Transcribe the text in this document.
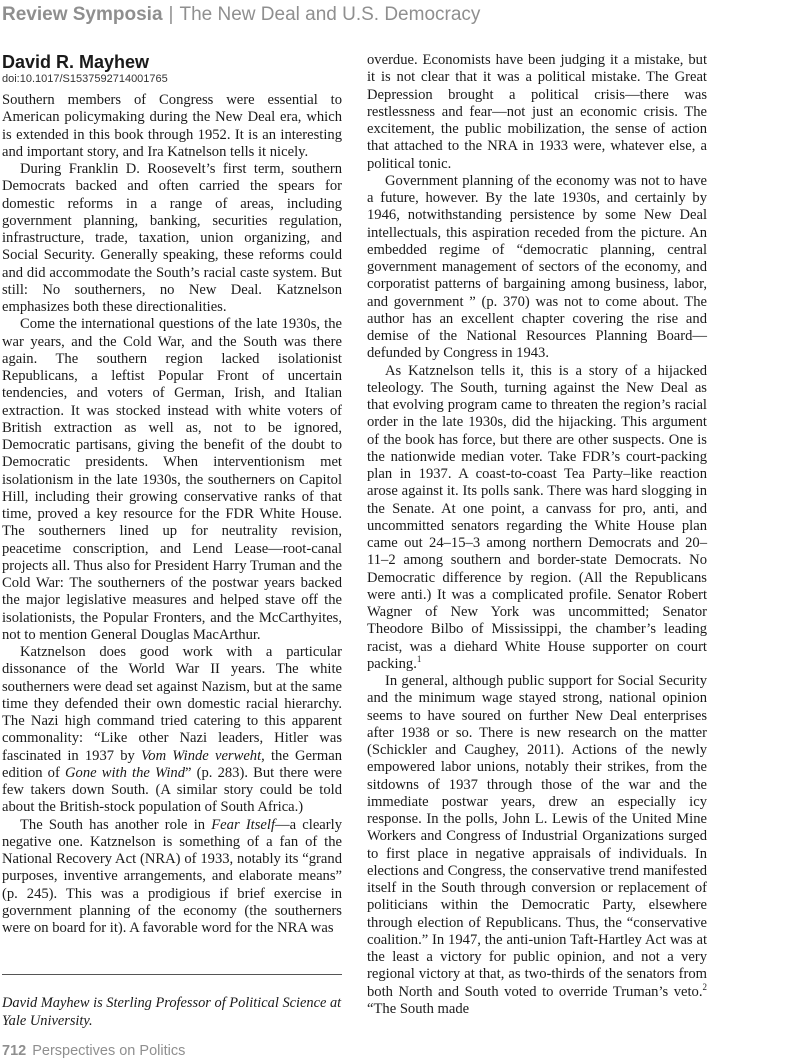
Review Symposia | The New Deal and U.S. Democracy
David R. Mayhew
doi:10.1017/S1537592714001765

Southern members of Congress were essential to American policymaking during the New Deal era, which is extended in this book through 1952. It is an interesting and important story, and Ira Katnelson tells it nicely.

During Franklin D. Roosevelt’s first term, southern Democrats backed and often carried the spears for domestic reforms in a range of areas, including government planning, banking, securities regulation, infrastructure, trade, taxation, union organizing, and Social Security. Generally speaking, these reforms could and did accommodate the South’s racial caste system. But still: No southerners, no New Deal. Katznelson emphasizes both these directionalities.

Come the international questions of the late 1930s, the war years, and the Cold War, and the South was there again. The southern region lacked isolationist Republicans, a leftist Popular Front of uncertain tendencies, and voters of German, Irish, and Italian extraction. It was stocked instead with white voters of British extraction as well as, not to be ignored, Democratic partisans, giving the benefit of the doubt to Democratic presidents. When interventionism met isolationism in the late 1930s, the southerners on Capitol Hill, including their growing conservative ranks of that time, proved a key resource for the FDR White House. The southerners lined up for neutrality revision, peacetime conscription, and Lend Lease—root-canal projects all. Thus also for President Harry Truman and the Cold War: The southerners of the postwar years backed the major legislative measures and helped stave off the isolationists, the Popular Fronters, and the McCarthyites, not to mention General Douglas MacArthur.

Katznelson does good work with a particular dissonance of the World War II years. The white southerners were dead set against Nazism, but at the same time they defended their own domestic racial hierarchy. The Nazi high command tried catering to this apparent commonality: “Like other Nazi leaders, Hitler was fascinated in 1937 by Vom Winde verweht, the German edition of Gone with the Wind” (p. 283). But there were few takers down South. (A similar story could be told about the British-stock population of South Africa.)

The South has another role in Fear Itself—a clearly negative one. Katznelson is something of a fan of the National Recovery Act (NRA) of 1933, notably its “grand purposes, inventive arrangements, and elaborate means” (p. 245). This was a prodigious if brief exercise in government planning of the economy (the southerners were on board for it). A favorable word for the NRA was

overdue. Economists have been judging it a mistake, but it is not clear that it was a political mistake. The Great Depression brought a political crisis—there was restlessness and fear—not just an economic crisis. The excitement, the public mobilization, the sense of action that attached to the NRA in 1933 were, whatever else, a political tonic.

Government planning of the economy was not to have a future, however. By the late 1930s, and certainly by 1946, notwithstanding persistence by some New Deal intellectuals, this aspiration receded from the picture. An embedded regime of “democratic planning, central government management of sectors of the economy, and corporatist patterns of bargaining among business, labor, and government ” (p. 370) was not to come about. The author has an excellent chapter covering the rise and demise of the National Resources Planning Board—defunded by Congress in 1943.

As Katznelson tells it, this is a story of a hijacked teleology. The South, turning against the New Deal as that evolving program came to threaten the region’s racial order in the late 1930s, did the hijacking. This argument of the book has force, but there are other suspects. One is the nationwide median voter. Take FDR’s court-packing plan in 1937. A coast-to-coast Tea Party–like reaction arose against it. Its polls sank. There was hard slogging in the Senate. At one point, a canvass for pro, anti, and uncommitted senators regarding the White House plan came out 24–15–3 among northern Democrats and 20–11–2 among southern and border-state Democrats. No Democratic difference by region. (All the Republicans were anti.) It was a complicated profile. Senator Robert Wagner of New York was uncommitted; Senator Theodore Bilbo of Mississippi, the chamber’s leading racist, was a diehard White House supporter on court packing.$^1$

In general, although public support for Social Security and the minimum wage stayed strong, national opinion seems to have soured on further New Deal enterprises after 1938 or so. There is new research on the matter (Schickler and Caughey, 2011). Actions of the newly empowered labor unions, notably their strikes, from the sitdowns of 1937 through those of the war and the immediate postwar years, drew an especially icy response. In the polls, John L. Lewis of the United Mine Workers and Congress of Industrial Organizations surged to first place in negative appraisals of individuals. In elections and Congress, the conservative trend manifested itself in the South through conversion or replacement of politicians within the Democratic Party, elsewhere through election of Republicans. Thus, the “conservative coalition.” In 1947, the anti-union Taft-Hartley Act was at the least a victory for public opinion, and not a very regional victory at that, as two-thirds of the senators from both North and South voted to override Truman’s veto.$^2$ “The South made

David Mayhew is Sterling Professor of Political Science at Yale University.
712 Perspectives on Politics
